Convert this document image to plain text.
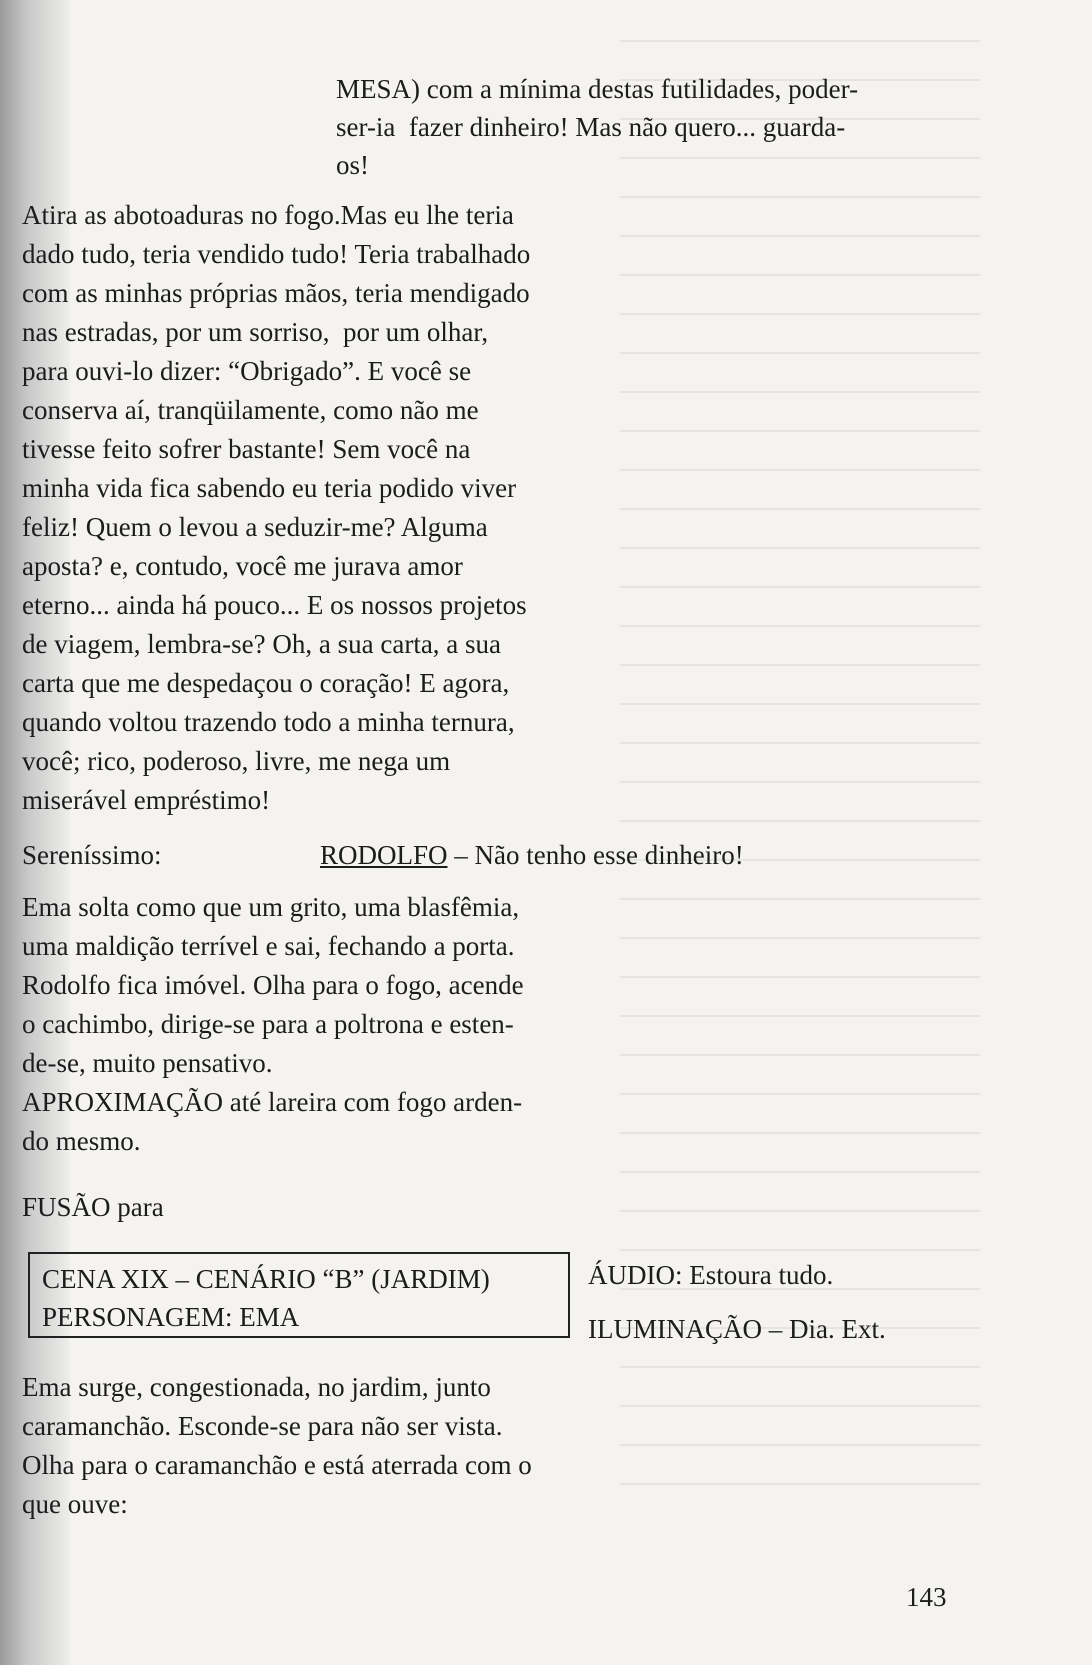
MESA) com a mínima destas futilidades, poder-
ser-ia  fazer dinheiro! Mas não quero... guarda-
os!
Atira as abotoaduras no fogo.Mas eu lhe teria
dado tudo, teria vendido tudo! Teria trabalhado
com as minhas próprias mãos, teria mendigado
nas estradas, por um sorriso,  por um olhar,
para ouvi-lo dizer: “Obrigado”. E você se
conserva aí, tranqüilamente, como não me
tivesse feito sofrer bastante! Sem você na
minha vida fica sabendo eu teria podido viver
feliz! Quem o levou a seduzir-me? Alguma
aposta? e, contudo, você me jurava amor
eterno... ainda há pouco... E os nossos projetos
de viagem, lembra-se? Oh, a sua carta, a sua
carta que me despedaçou o coração! E agora,
quando voltou trazendo todo a minha ternura,
você; rico, poderoso, livre, me nega um
miserável empréstimo!
Sereníssimo:	RODOLFO – Não tenho esse dinheiro!
Ema solta como que um grito, uma blasfêmia,
uma maldição terrível e sai, fechando a porta.
Rodolfo fica imóvel. Olha para o fogo, acende
o cachimbo, dirige-se para a poltrona e esten-
de-se, muito pensativo.
APROXIMAÇÃO até lareira com fogo arden-
do mesmo.
FUSÃO para
CENA XIX – CENÁRIO “B” (JARDIM)
PERSONAGEM: EMA
ÁUDIO: Estoura tudo.
ILUMINAÇÃO – Dia. Ext.
Ema surge, congestionada, no jardim, junto
caramanchão. Esconde-se para não ser vista.
Olha para o caramanchão e está aterrada com o
que ouve:
143
